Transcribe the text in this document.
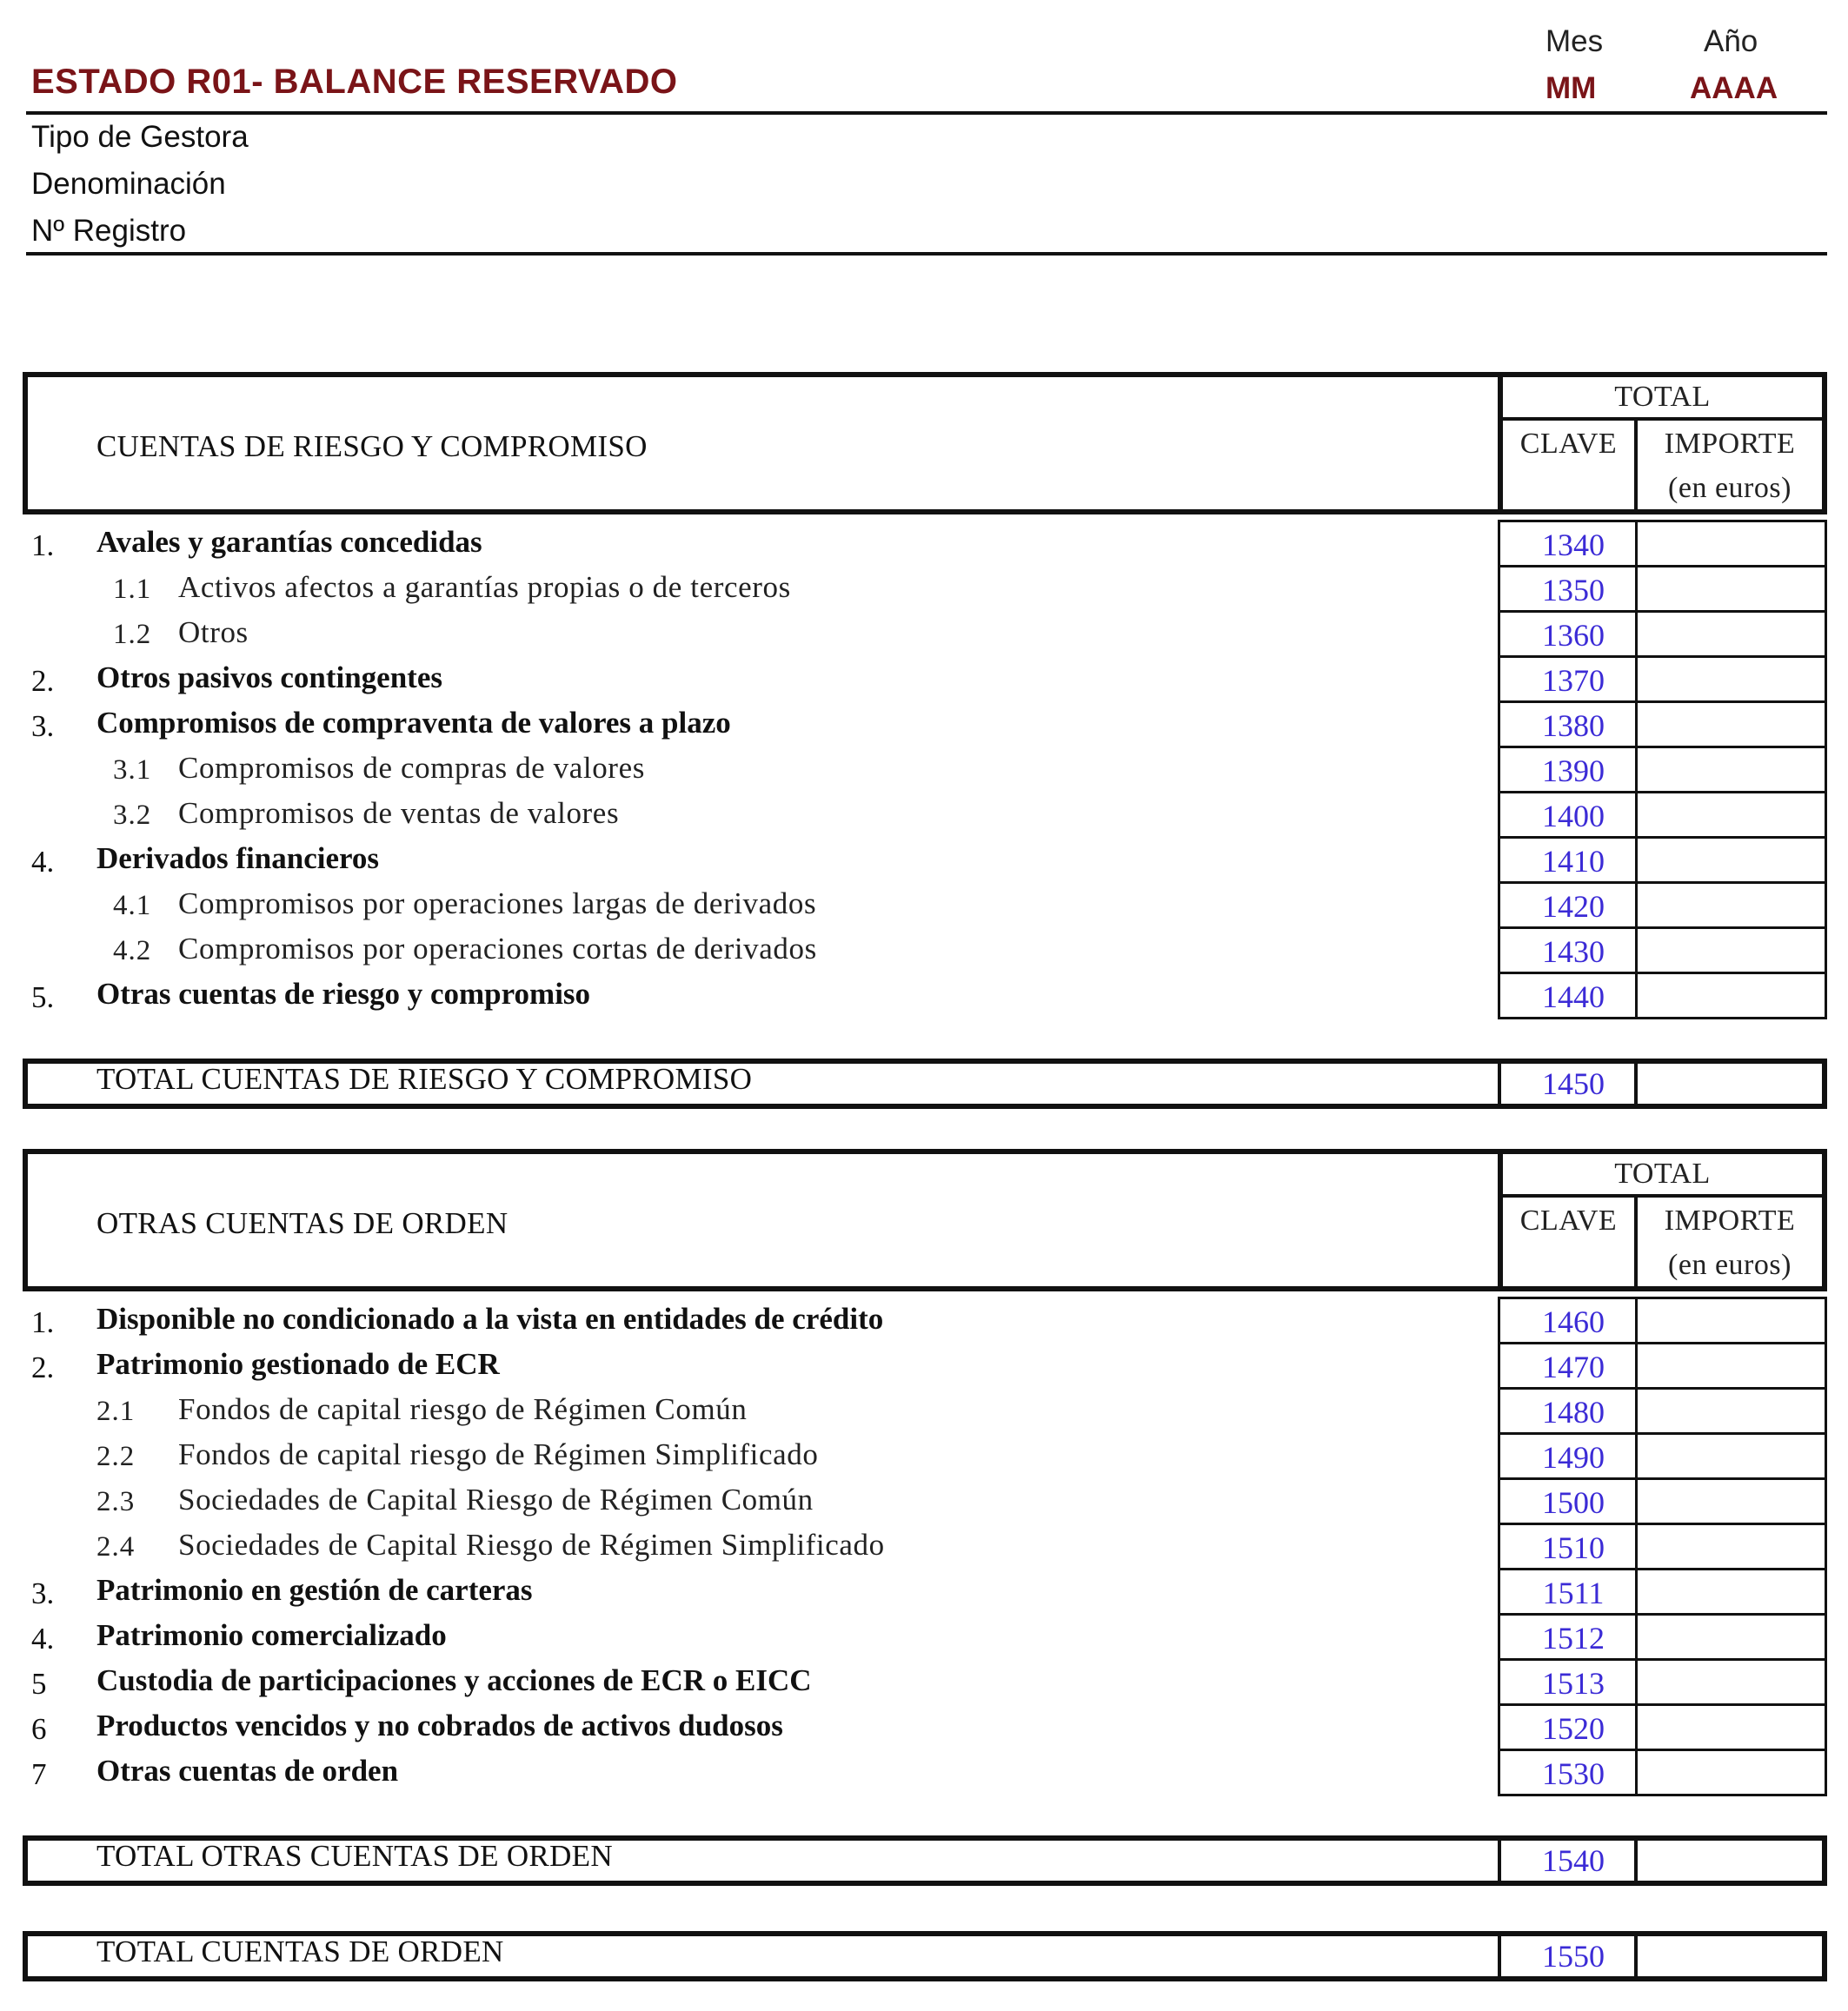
ESTADO R01- BALANCE RESERVADO
Mes	Año
MM	AAAA
Tipo de Gestora
Denominación
Nº Registro
CUENTAS DE RIESGO Y COMPROMISO
TOTAL
CLAVE	IMPORTE
(en euros)
1. Avales y garantías concedidas	1340
1.1 Activos afectos a garantías propias o de terceros	1350
1.2 Otros	1360
2. Otros pasivos contingentes	1370
3. Compromisos de compraventa de valores a plazo	1380
3.1 Compromisos de compras de valores	1390
3.2 Compromisos de ventas de valores	1400
4. Derivados financieros	1410
4.1 Compromisos por operaciones largas de derivados	1420
4.2 Compromisos por operaciones cortas de derivados	1430
5. Otras cuentas de riesgo y compromiso	1440
TOTAL CUENTAS DE RIESGO Y COMPROMISO	1450
OTRAS CUENTAS DE ORDEN
TOTAL
CLAVE	IMPORTE
(en euros)
1. Disponible no condicionado a la vista en entidades de crédito	1460
2. Patrimonio gestionado de ECR	1470
2.1 Fondos de capital riesgo de Régimen Común	1480
2.2 Fondos de capital riesgo de Régimen Simplificado	1490
2.3 Sociedades de Capital Riesgo de Régimen Común	1500
2.4 Sociedades de Capital Riesgo de Régimen Simplificado	1510
3. Patrimonio en gestión de carteras	1511
4. Patrimonio comercializado	1512
5 Custodia de participaciones y acciones de ECR o EICC	1513
6 Productos vencidos y no cobrados de activos dudosos	1520
7 Otras cuentas de orden	1530
TOTAL OTRAS CUENTAS DE ORDEN	1540
TOTAL CUENTAS DE ORDEN	1550
